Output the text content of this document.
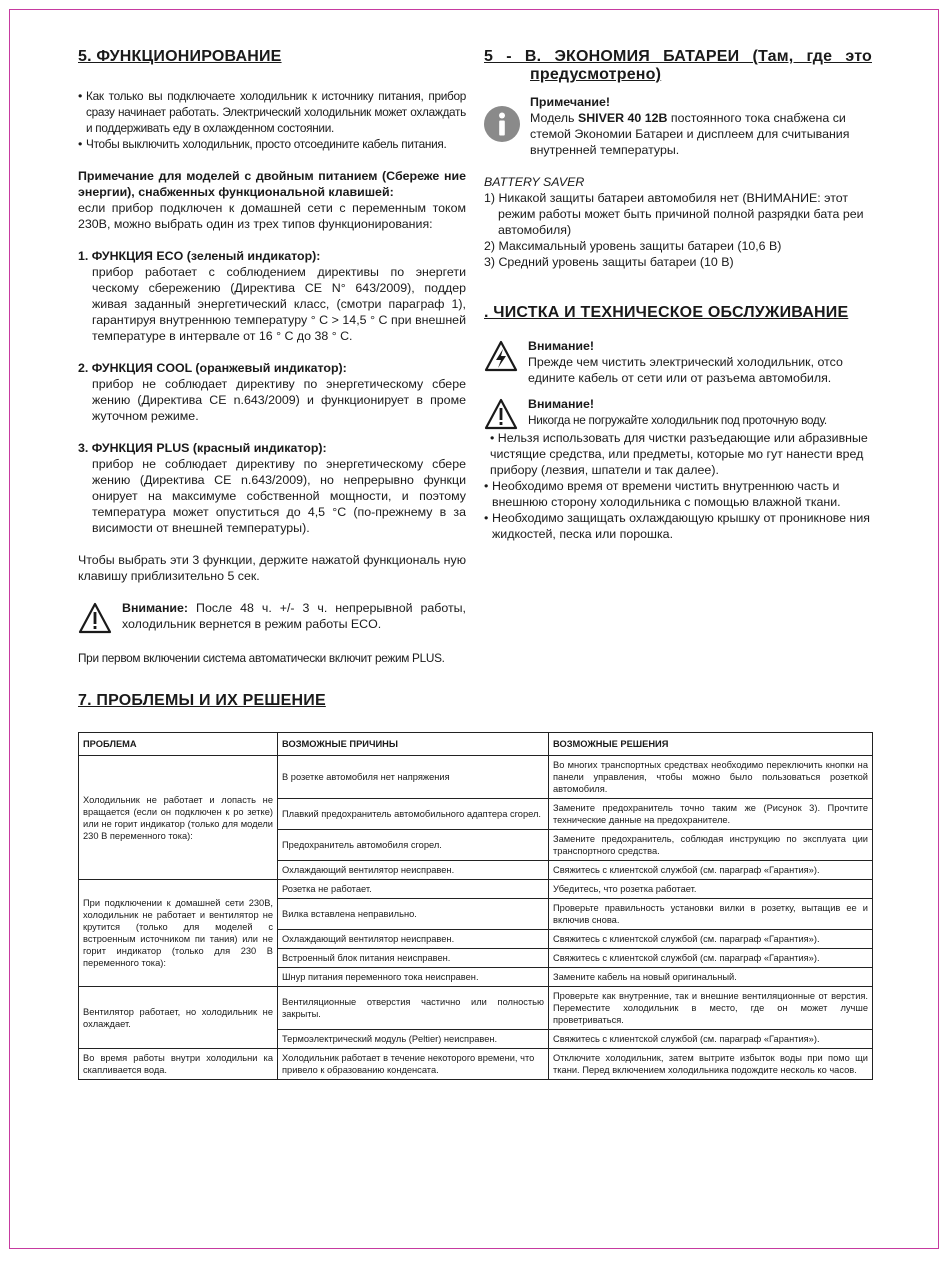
5. ФУНКЦИОНИРОВАНИЕ
• Как только вы подключаете холодильник к источнику питания, прибор сразу начинает работать. Электрический холодильник может охлаждать и поддерживать еду в охлажденном состоянии.

• Чтобы выключить холодильник, просто отсоедините кабель питания.

Примечание для моделей с двойным питанием (Сбереже ние энергии), снабженных функциональной клавишей:

если прибор подключен к домашней сети с переменным током 230В, можно выбрать один из трех типов функционирования:

1. ФУНКЦИЯ ECO (зеленый индикатор):

прибор работает с соблюдением директивы по энергети ческому сбережению (Директива CE N° 643/2009), поддер живая заданный энергетический класс, (смотри параграф 1), гарантируя внутреннюю температуру ° C > 14,5 ° C при внешней температуре в интервале от 16 ° C до 38 ° C.

2. ФУНКЦИЯ COOL (оранжевый индикатор):

прибор не соблюдает директиву по энергетическому сбере жению (Директива CE n.643/2009) и функционирует в проме жуточном режиме.

3. ФУНКЦИЯ PLUS (красный индикатор):

прибор не соблюдает директиву по энергетическому сбере жению (Директива CE n.643/2009), но непрерывно функци онирует на максимуме собственной мощности, и поэтому температура может опуститься до 4,5 °C (по-прежнему в за висимости от внешней температуры).

Чтобы выбрать эти 3 функции, держите нажатой функциональ ную клавишу приблизительно 5 сек.

Внимание: После 48 ч. +/- 3 ч. непрерывной работы, холодильник вернется в режим работы ECO.

При первом включении система автоматически включит режим PLUS.

5 - B. ЭКОНОМИЯ БАТАРЕИ (Там, где это
предусмотрено)

Примечание!

Модель SHIVER 40 12B постоянного тока снабжена си стемой Экономии Батареи и дисплеем для считывания внутренней температуры.

BATTERY SAVER

1) Никакой защиты батареи автомобиля нет (ВНИМАНИЕ: этот режим работы может быть причиной полной разрядки бата реи автомобиля)

2) Максимальный уровень защиты батареи (10,6 В)

3) Средний уровень защиты батареи (10 В)

. ЧИСТКА И ТЕХНИЧЕСКОЕ ОБСЛУЖИВАНИЕ

Внимание!

Прежде чем чистить электрический холодильник, отсо едините кабель от сети или от разъема автомобиля.

Внимание!

Никогда не погружайте холодильник под проточную воду.

• Нельзя использовать для чистки разъедающие или абразивные чистящие средства, или предметы, которые мо гут нанести вред прибору (лезвия, шпатели и так далее).

• Необходимо время от времени чистить внутреннюю часть и внешнюю сторону холодильника с помощью влажной ткани.

• Необходимо защищать охлаждающую крышку от проникнове ния жидкостей, песка или порошка.

7. ПРОБЛЕМЫ И ИХ РЕШЕНИЕ
ПРОБЛЕМА	ВОЗМОЖНЫЕ ПРИЧИНЫ	ВОЗМОЖНЫЕ РЕШЕНИЯ
Холодильник не работает и лопасть не вращается (если он подключен к ро зетке) или не горит индикатор (только для модели 230 В переменного тока):	В розетке автомобиля нет напряжения	Во многих транспортных средствах необходимо переключить кнопки на панели управления, чтобы можно было пользоваться розеткой автомобиля.
	Плавкий предохранитель автомобильного адаптера сгорел.	Замените предохранитель точно таким же (Рисунок 3). Прочтите технические данные на предохранителе.
	Предохранитель автомобиля сгорел.	Замените предохранитель, соблюдая инструкцию по эксплуата ции транспортного средства.
	Охлаждающий вентилятор неисправен.	Свяжитесь с клиентской службой (см. параграф «Гарантия»).
При подключении к домашней сети 230В, холодильник не работает и вентилятор не крутится (только для моделей с встроенным источником пи тания) или не горит индикатор (только для 230 В переменного тока):	Розетка не работает.	Убедитесь, что розетка работает.
	Вилка вставлена неправильно.	Проверьте правильность установки вилки в розетку, вытащив ее и включив снова.
	Охлаждающий вентилятор неисправен.	Свяжитесь с клиентской службой (см. параграф «Гарантия»).
	Встроенный блок питания неисправен.	Свяжитесь с клиентской службой (см. параграф «Гарантия»).
	Шнур питания переменного тока неисправен.	Замените кабель на новый оригинальный.
Вентилятор работает, но холодильник не охлаждает.	Вентиляционные отверстия частично или полностью закрыты.	Проверьте как внутренние, так и внешние вентиляционные от верстия. Переместите холодильник в место, где он может лучше проветриваться.
	Термоэлектрический модуль (Peltier) неисправен.	Свяжитесь с клиентской службой (см. параграф «Гарантия»).
Во время работы внутри холодильни ка скапливается вода.	Холодильник работает в течение некоторого времени, что привело к образованию конденсата.	Отключите холодильник, затем вытрите избыток воды при помо щи ткани. Перед включением холодильника подождите несколь ко часов.
